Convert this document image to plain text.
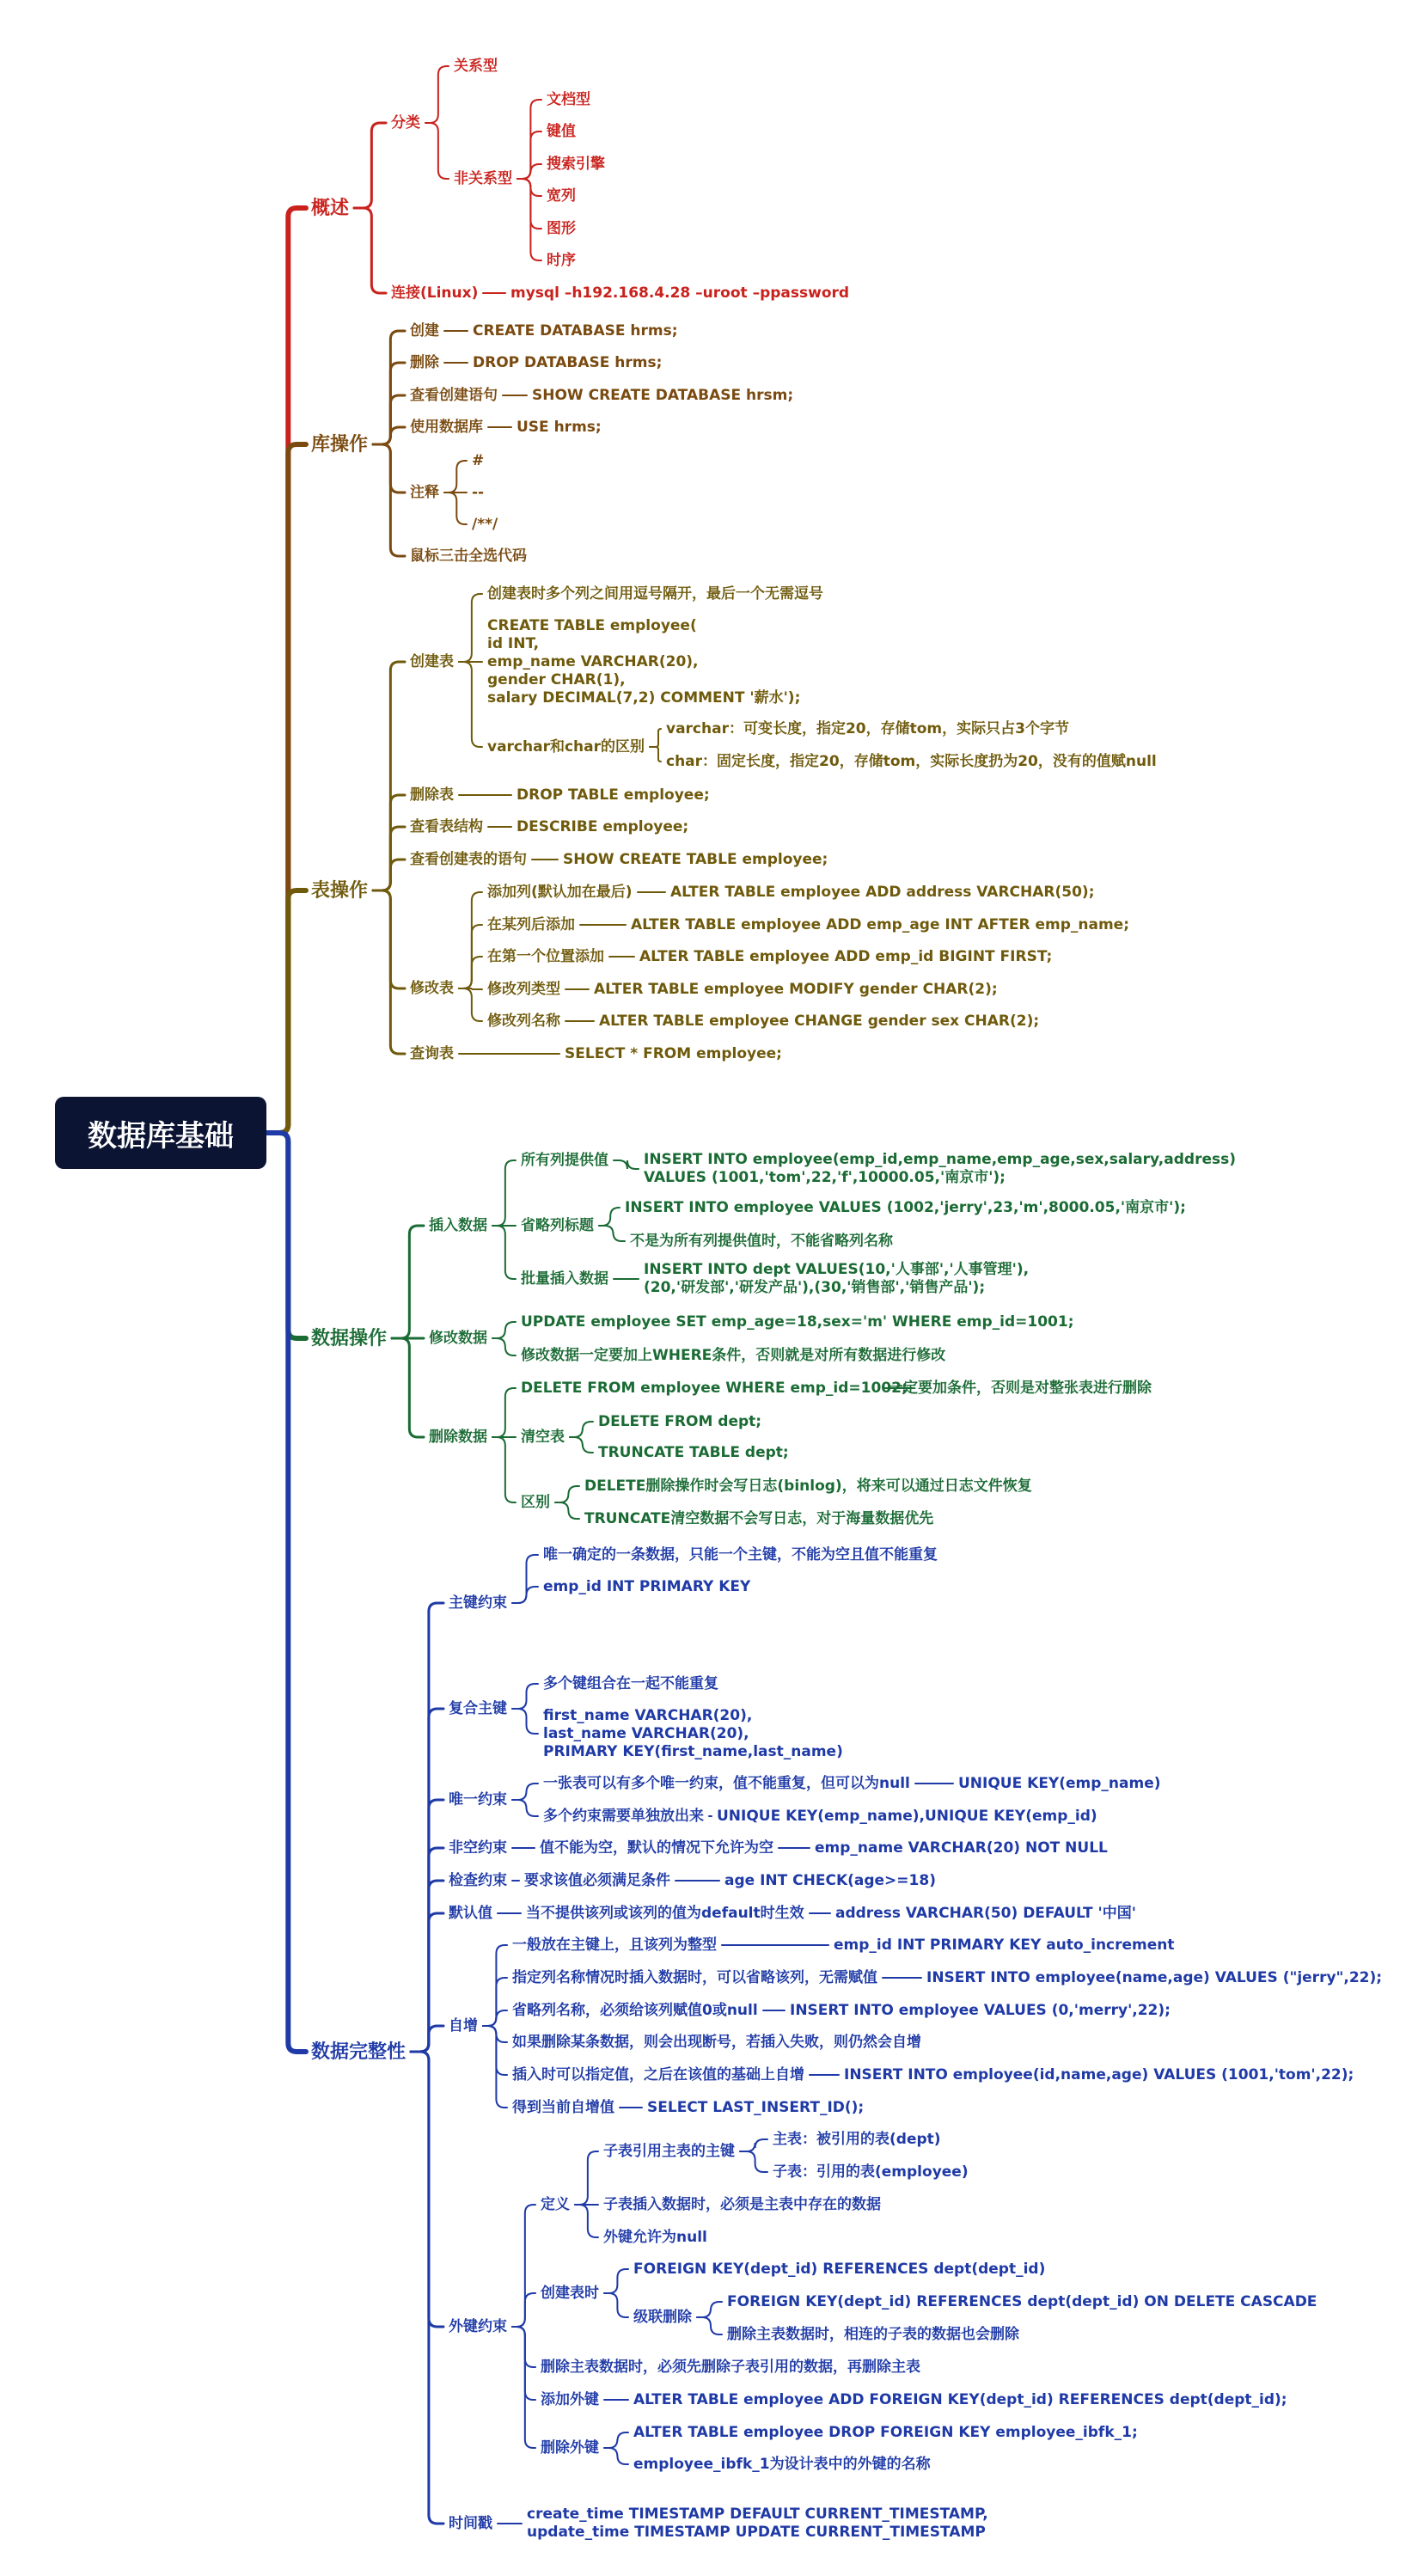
数据库基础
概述
分类
关系型
非关系型
文档型
键值
搜索引擎
宽列
图形
时序
连接(Linux) mysql –h192.168.4.28 –uroot –ppassword
库操作
创建 CREATE DATABASE hrms;
删除 DROP DATABASE hrms;
查看创建语句 SHOW CREATE DATABASE hrsm;
使用数据库 USE hrms;
注释
#
--
/**/
鼠标三击全选代码
表操作
创建表
创建表时多个列之间用逗号隔开，最后一个无需逗号
CREATE TABLE employee(
id INT,
emp_name VARCHAR(20),
gender CHAR(1),
salary DECIMAL(7,2) COMMENT '薪水');
varchar和char的区别
varchar：可变长度，指定20，存储tom，实际只占3个字节
char：固定长度，指定20，存储tom，实际长度扔为20，没有的值赋null
删除表	DROP TABLE employee;
查看表结构 DESCRIBE employee;
查看创建表的语句 SHOW CREATE TABLE employee;
修改表
添加列(默认加在最后)	ALTER TABLE employee ADD address VARCHAR(50);
在某列后添加	ALTER TABLE employee ADD emp_age INT AFTER emp_name;
在第一个位置添加 ALTER TABLE employee ADD emp_id BIGINT FIRST;
修改列类型 ALTER TABLE employee MODIFY gender CHAR(2);
修改列名称	ALTER TABLE employee CHANGE gender sex CHAR(2);
查询表	SELECT * FROM employee;
数据操作
插入数据
所有列提供值 INSERT INTO employee(emp_id,emp_name,emp_age,sex,salary,address)
VALUES (1001,'tom',22,'f',10000.05,'南京市');
省略列标题
INSERT INTO employee VALUES (1002,'jerry',23,'m',8000.05,'南京市');
不是为所有列提供值时，不能省略列名称
批量插入数据
INSERT INTO dept VALUES(10,'人事部','人事管理'),
(20,'研发部','研发产品'),(30,'销售部','销售产品');
修改数据
UPDATE employee SET emp_age=18,sex='m' WHERE emp_id=1001;
修改数据一定要加上WHERE条件，否则就是对所有数据进行修改
删除数据
DELETE FROM employee WHERE emp_id=1002;
一定要加条件，否则是对整张表进行删除
清空表
DELETE FROM dept;
TRUNCATE TABLE dept;
区别
DELETE删除操作时会写日志(binlog)，将来可以通过日志文件恢复
TRUNCATE清空数据不会写日志，对于海量数据优先
数据完整性
主键约束
唯一确定的一条数据，只能一个主键，不能为空且值不能重复
emp_id INT PRIMARY KEY
复合主键
多个键组合在一起不能重复
first_name VARCHAR(20),
last_name VARCHAR(20),
PRIMARY KEY(first_name,last_name)
唯一约束
一张表可以有多个唯一约束，值不能重复，但可以为null	UNIQUE KEY(emp_name)
多个约束需要单独放出来 UNIQUE KEY(emp_name),UNIQUE KEY(emp_id)
非空约束 值不能为空，默认的情况下允许为空	emp_name VARCHAR(20) NOT NULL
检查约束 要求该值必须满足条件	age INT CHECK(age>=18)
默认值 当不提供该列或该列的值为default时生效 address VARCHAR(50) DEFAULT '中国'
自增
一般放在主键上，且该列为整型	emp_id INT PRIMARY KEY auto_increment
指定列名称情况时插入数据时，可以省略该列，无需赋值	INSERT INTO employee(name,age) VALUES ("jerry",22);
省略列名称，必须给该列赋值0或null INSERT INTO employee VALUES (0,'merry',22);
如果删除某条数据，则会出现断号，若插入失败，则仍然会自增
插入时可以指定值，之后在该值的基础上自增	INSERT INTO employee(id,name,age) VALUES (1001,'tom',22);
得到当前自增值 SELECT LAST_INSERT_ID();
外键约束
定义
子表引用主表的主键
主表：被引用的表(dept)
子表：引用的表(employee)
子表插入数据时，必须是主表中存在的数据
外键允许为null
创建表时
FOREIGN KEY(dept_id) REFERENCES dept(dept_id)
级联删除
FOREIGN KEY(dept_id) REFERENCES dept(dept_id) ON DELETE CASCADE
删除主表数据时，相连的子表的数据也会删除
删除主表数据时，必须先删除子表引用的数据，再删除主表
添加外键 ALTER TABLE employee ADD FOREIGN KEY(dept_id) REFERENCES dept(dept_id);
删除外键
ALTER TABLE employee DROP FOREIGN KEY employee_ibfk_1;
employee_ibfk_1为设计表中的外键的名称
时间戳
create_time TIMESTAMP DEFAULT CURRENT_TIMESTAMP,
update_time TIMESTAMP UPDATE CURRENT_TIMESTAMP
